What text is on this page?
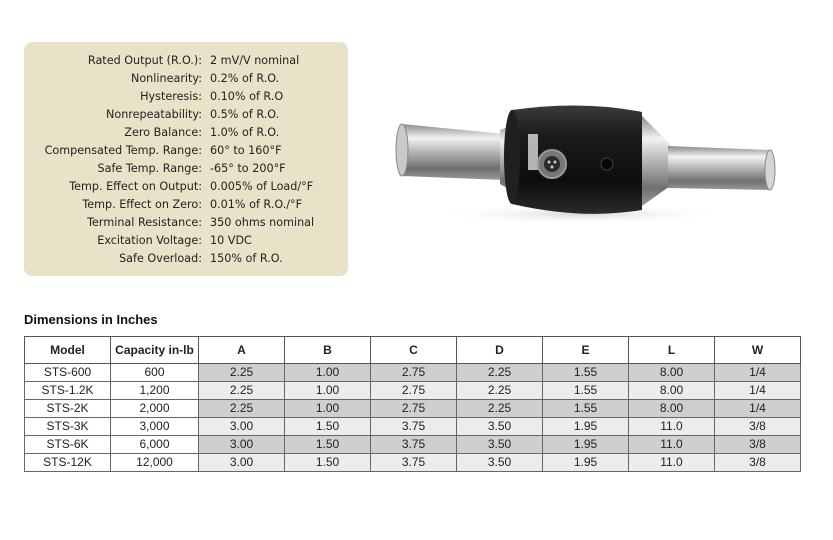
Rated Output (R.O.): 2 mV/V nominal
Nonlinearity: 0.2% of R.O.
Hysteresis: 0.10% of R.O
Nonrepeatability: 0.5% of R.O.
Zero Balance: 1.0% of R.O.
Compensated Temp. Range: 60° to 160°F
Safe Temp. Range: -65° to 200°F
Temp. Effect on Output: 0.005% of Load/°F
Temp. Effect on Zero: 0.01% of R.O./°F
Terminal Resistance: 350 ohms nominal
Excitation Voltage: 10 VDC
Safe Overload: 150% of R.O.
Dimensions in Inches
Model	Capacity in-lb	A	B	C	D	E	L	W
STS-600	600	2.25	1.00	2.75	2.25	1.55	8.00	1/4
STS-1.2K	1,200	2.25	1.00	2.75	2.25	1.55	8.00	1/4
STS-2K	2,000	2.25	1.00	2.75	2.25	1.55	8.00	1/4
STS-3K	3,000	3.00	1.50	3.75	3.50	1.95	11.0	3/8
STS-6K	6,000	3.00	1.50	3.75	3.50	1.95	11.0	3/8
STS-12K	12,000	3.00	1.50	3.75	3.50	1.95	11.0	3/8
